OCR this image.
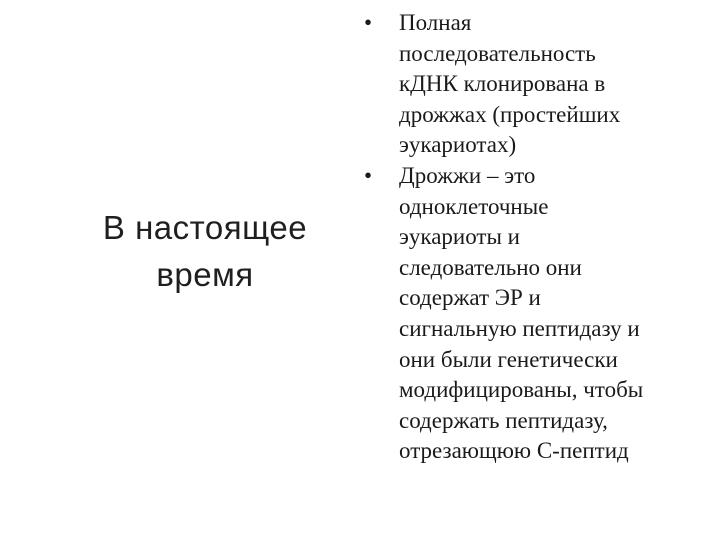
В настоящее
время
•	Полная
последовательность
кДНК клонирована в
дрожжах (простейших
эукариотах)
•	Дрожжи – это
одноклеточные
эукариоты и
следовательно они
содержат ЭР и
сигнальную пептидазу и
они были генетически
модифицированы, чтобы
содержать пептидазу,
отрезающюю С-пептид
